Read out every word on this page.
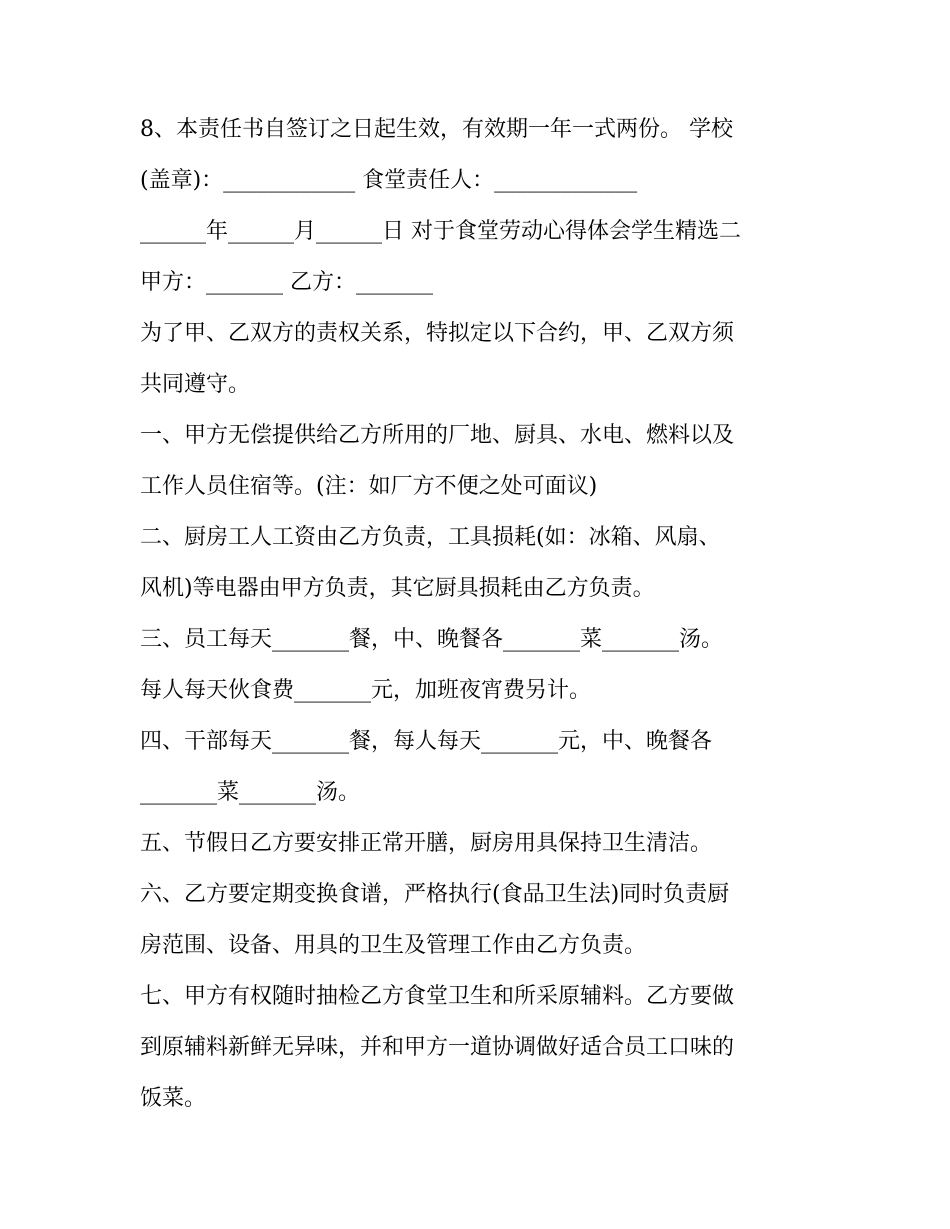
8、本责任书自签订之日起生效，有效期一年一式两份。 学校
(盖章)：____________ 食堂责任人：_____________
______年______月______日 对于食堂劳动心得体会学生精选二
甲方：_______ 乙方：_______
为了甲、乙双方的责权关系，特拟定以下合约，甲、乙双方须
共同遵守。
一、甲方无偿提供给乙方所用的厂地、厨具、水电、燃料以及
工作人员住宿等。(注：如厂方不便之处可面议)
二、厨房工人工资由乙方负责，工具损耗(如：冰箱、风扇、
风机)等电器由甲方负责，其它厨具损耗由乙方负责。
三、员工每天_______餐，中、晚餐各_______菜_______汤。
每人每天伙食费_______元，加班夜宵费另计。
四、干部每天_______餐，每人每天_______元，中、晚餐各
_______菜_______汤。
五、节假日乙方要安排正常开膳，厨房用具保持卫生清洁。
六、乙方要定期变换食谱，严格执行(食品卫生法)同时负责厨
房范围、设备、用具的卫生及管理工作由乙方负责。
七、甲方有权随时抽检乙方食堂卫生和所采原辅料。乙方要做
到原辅料新鲜无异味，并和甲方一道协调做好适合员工口味的
饭菜。
